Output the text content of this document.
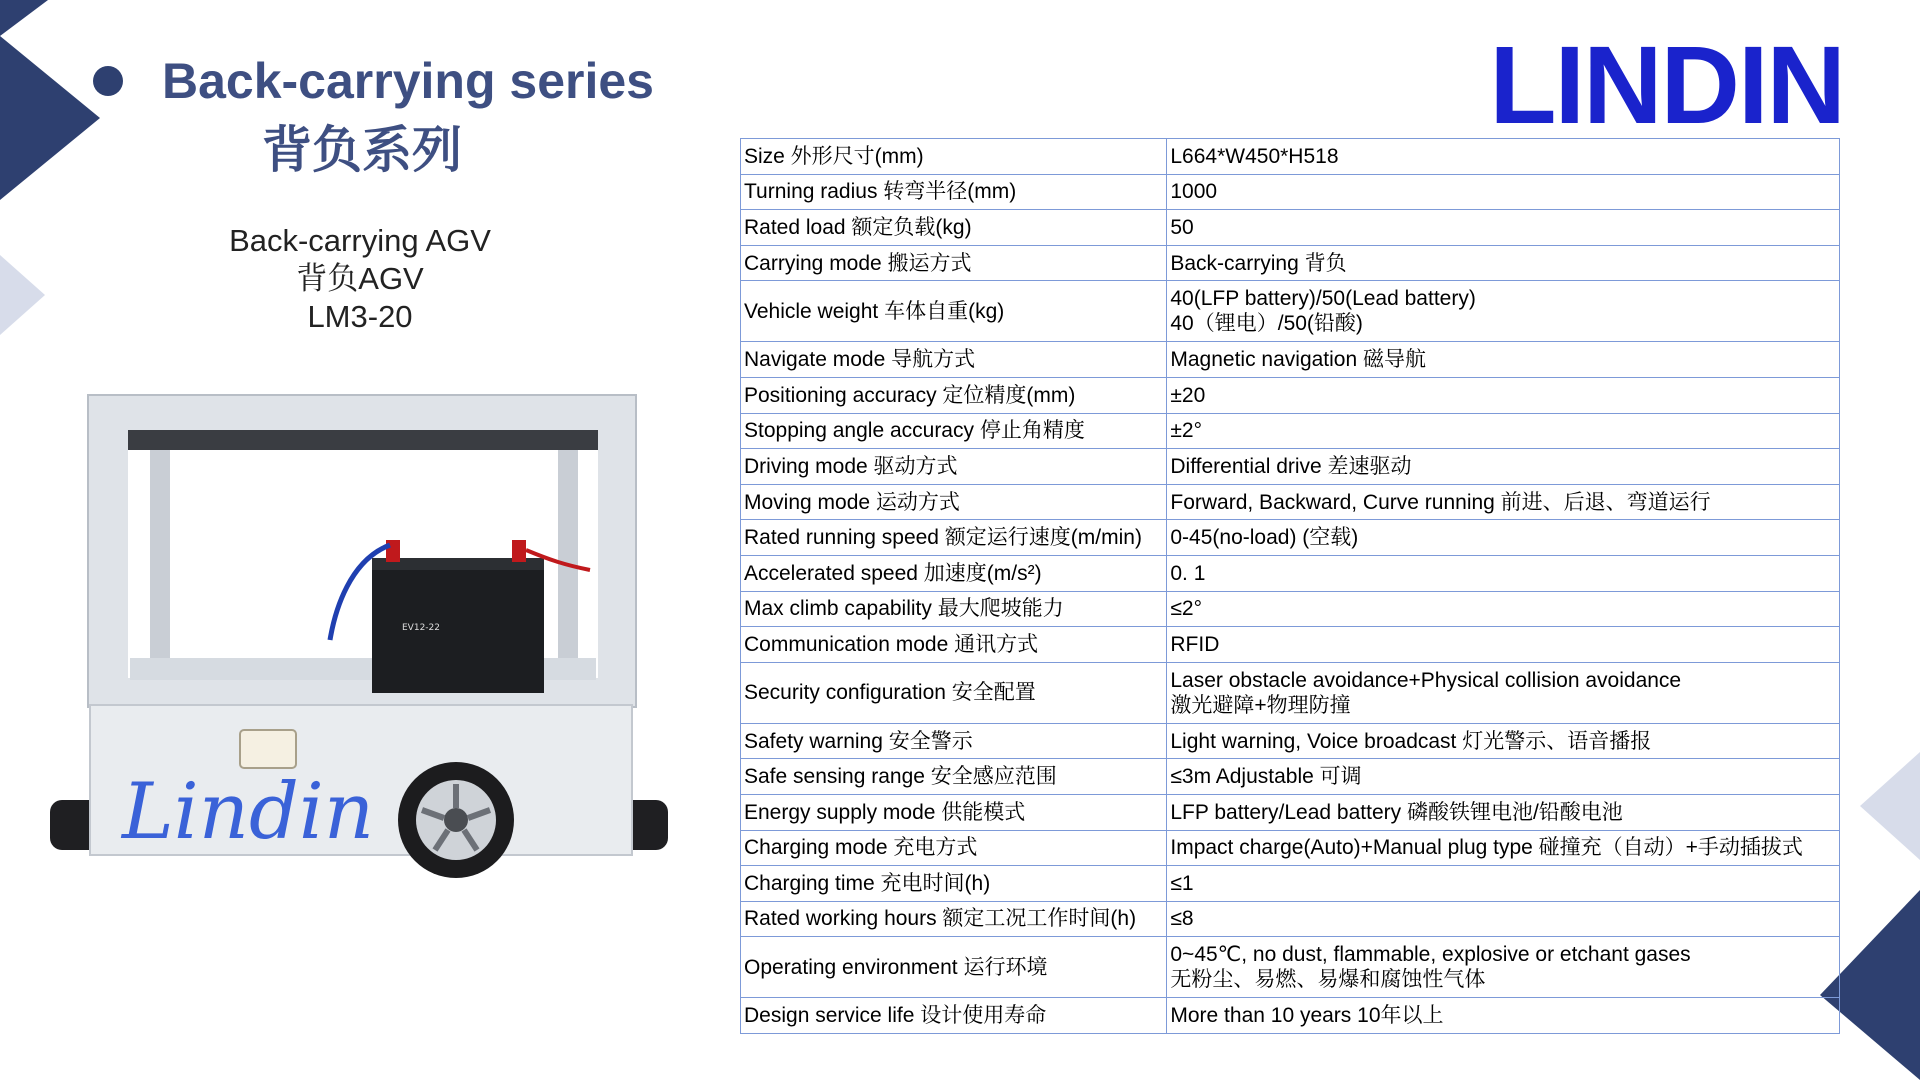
Back-carrying series
背负系列
LINDIN
Back-carrying AGV
背负AGV
LM3-20
EV12-22
Lindin
Size 外形尺寸(mm)	L664*W450*H518

Turning radius 转弯半径(mm)	1000

Rated load 额定负载(kg)	50

Carrying mode 搬运方式	Back-carrying 背负

Vehicle weight 车体自重(kg)	40(LFP battery)/50(Lead battery)
40（锂电）/50(铅酸)

Navigate mode 导航方式	Magnetic navigation 磁导航

Positioning accuracy 定位精度(mm)	±20

Stopping angle accuracy 停止角精度	±2°

Driving mode 驱动方式	Differential drive 差速驱动

Moving mode 运动方式	Forward, Backward, Curve running 前进、后退、弯道运行

Rated running speed 额定运行速度(m/min)	0-45(no-load) (空载)

Accelerated speed 加速度(m/s²)	0. 1

Max climb capability 最大爬坡能力	≤2°

Communication mode 通讯方式	RFID

Security configuration 安全配置	Laser obstacle avoidance+Physical collision avoidance
激光避障+物理防撞

Safety warning 安全警示	Light warning, Voice broadcast 灯光警示、语音播报

Safe sensing range 安全感应范围	≤3m Adjustable 可调

Energy supply mode 供能模式	LFP battery/Lead battery 磷酸铁锂电池/铅酸电池

Charging mode 充电方式	Impact charge(Auto)+Manual plug type 碰撞充（自动）+手动插拔式

Charging time 充电时间(h)	≤1

Rated working hours 额定工况工作时间(h)	≤8

Operating environment 运行环境	0~45℃, no dust, flammable, explosive or etchant gases
无粉尘、易燃、易爆和腐蚀性气体

Design service life 设计使用寿命	More than 10 years 10年以上
